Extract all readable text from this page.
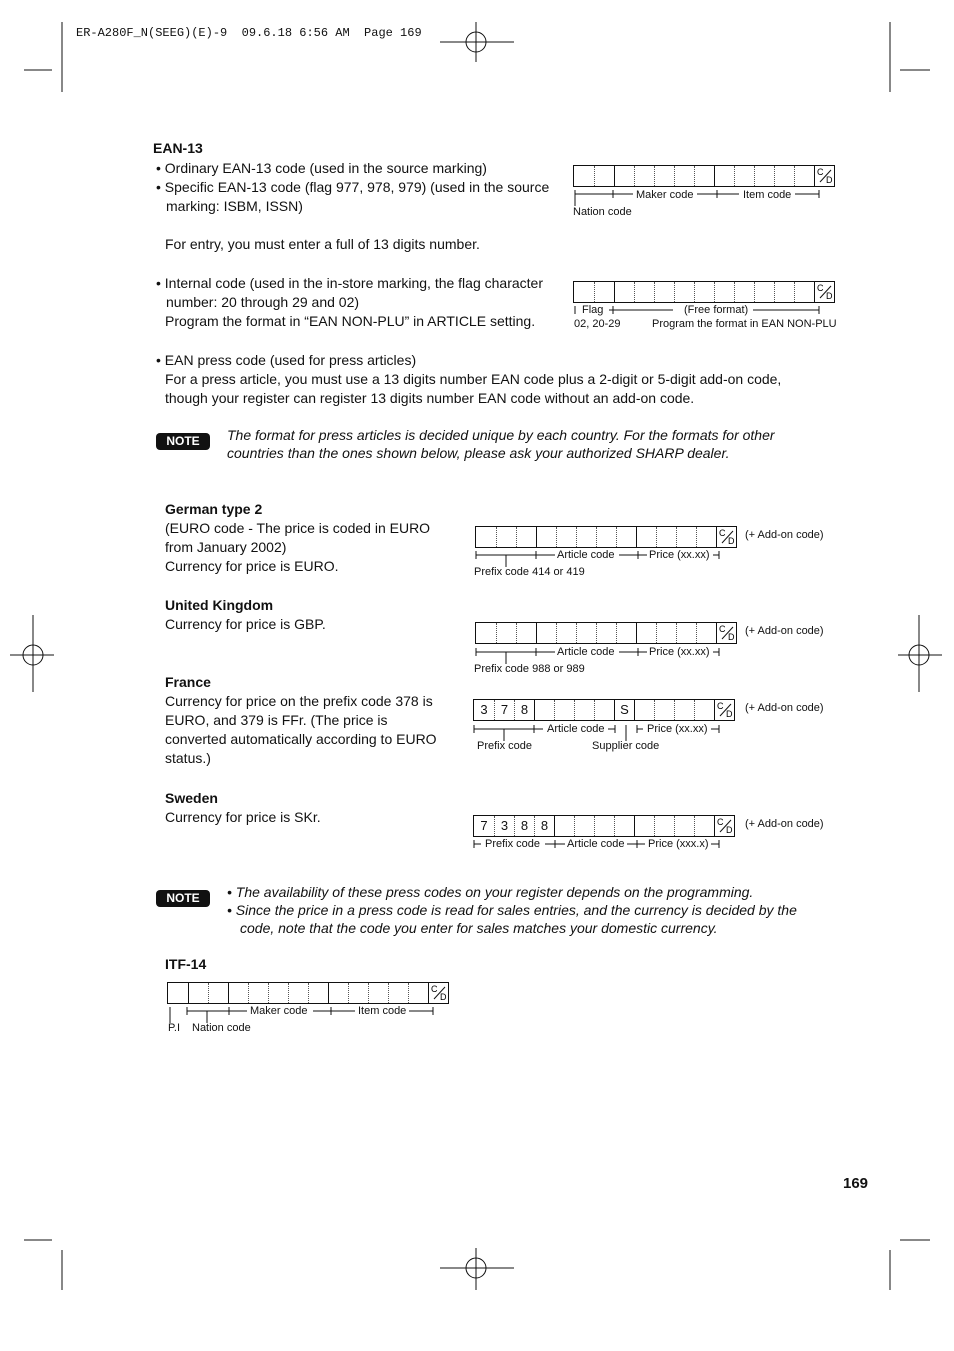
ER-A280F_N(SEEG)(E)-9  09.6.18 6:56 AM  Page 169
EAN-13
• Ordinary EAN-13 code (used in the source marking)
• Specific EAN-13 code (flag 977, 978, 979) (used in the source
marking: ISBM, ISSN)
For entry, you must enter a full of 13 digits number.
• Internal code (used in the in-store marking, the flag character
number: 20 through 29 and 02)
Program the format in “EAN NON-PLU” in ARTICLE setting.
• EAN press code (used for press articles)
For a press article, you must use a 13 digits number EAN code plus a 2-digit or 5-digit add-on code,
though your register can register 13 digits number EAN code without an add-on code.
C
D
Maker code	Item code
Nation code
C
D
Flag	(Free format)
02, 20-29	Program the format in EAN NON-PLU
NOTE	The format for press articles is decided unique by each country. For the formats for other
countries than the ones shown below, please ask your authorized SHARP dealer.
German type 2
(EURO code - The price is coded in EURO
from January 2002)
Currency for price is EURO.
C
D (+ Add-on code)
Article code	Price (xx.xx)
Prefix code 414 or 419
United Kingdom
Currency for price is GBP.	C
D (+ Add-on code)
Article code	Price (xx.xx)
Prefix code 988 or 989
France
Currency for price on the prefix code 378 is
EURO, and 379 is FFr. (The price is
converted automatically according to EURO
status.)
3	7 8	S	C
D (+ Add-on code)
Article code	Price (xx.xx)
Prefix code	Supplier code
Sweden
Currency for price is SKr.
7	3 8 8	C
D (+ Add-on code)
Prefix code Article code Price (xxx.x)
NOTE	• The availability of these press codes on your register depends on the programming.
• Since the price in a press code is read for sales entries, and the currency is decided by the
code, note that the code you enter for sales matches your domestic currency.
ITF-14
C
D
Maker code	Item code
P.I Nation code
169
